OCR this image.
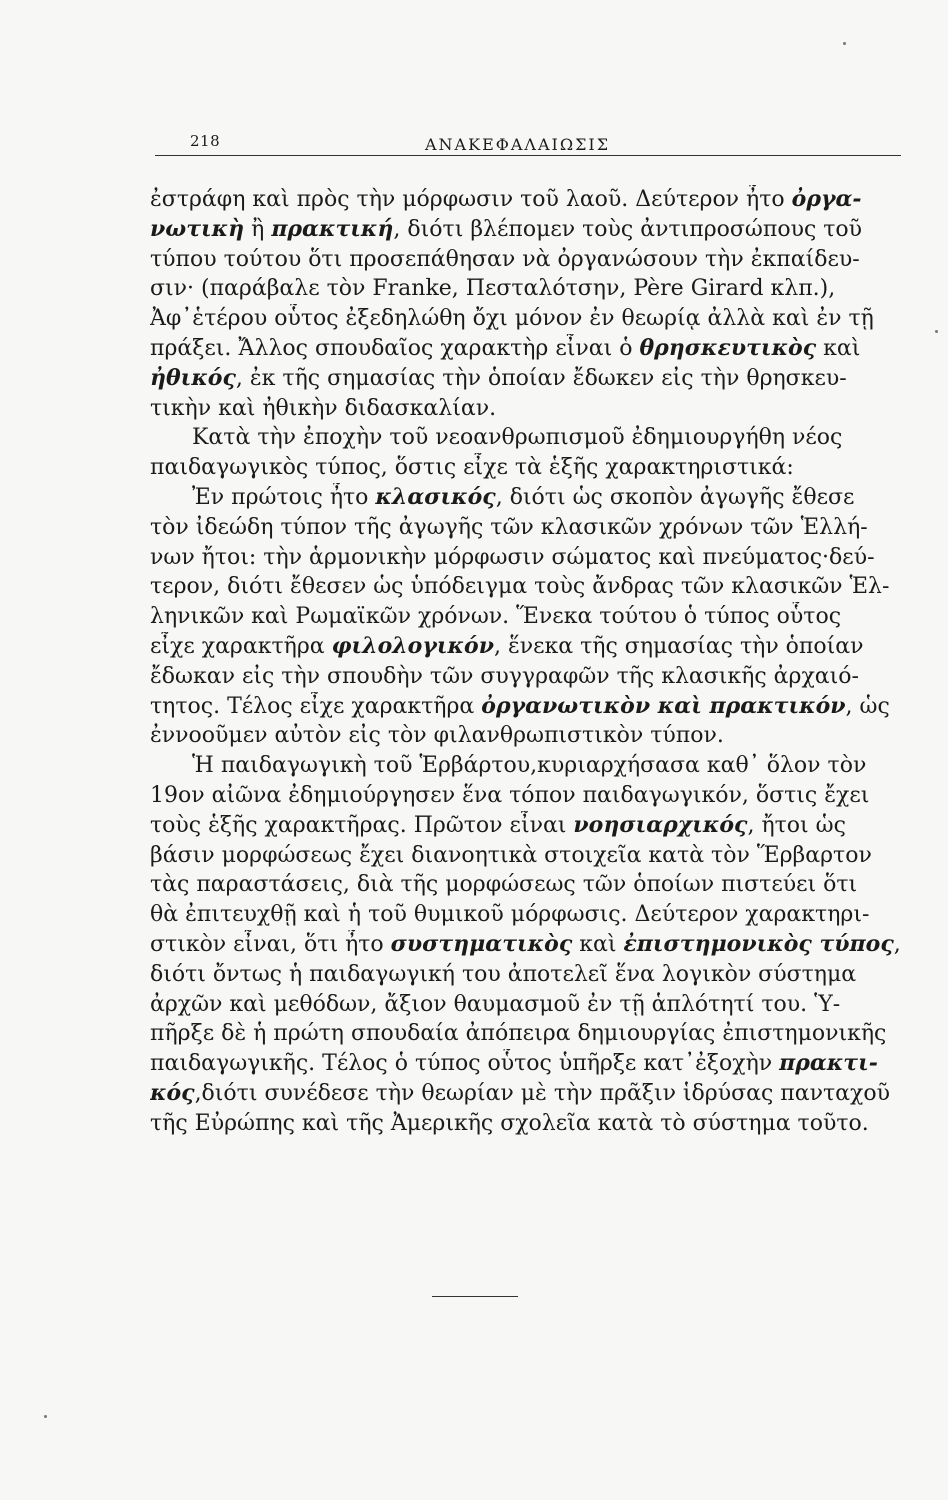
218	ΑΝΑΚΕΦΑΛΑΙΩΣΙΣ
ἐστράφη καὶ πρὸς τὴν μόρφωσιν τοῦ λαοῦ. Δεύτερον ἦτο ὀργα-
νωτικὴ ἢ πρακτική, διότι βλέπομεν τοὺς ἀντιπροσώπους τοῦ
τύπου τούτου ὅτι προσεπάθησαν νὰ ὀργανώσουν τὴν ἐκπαίδευ-
σιν· (παράβαλε τὸν Franke, Πεσταλότσην, Père Girard κλπ.),
Ἀφ᾽ἑτέρου οὗτος ἐξεδηλώθη ὄχι μόνον ἐν θεωρίᾳ ἀλλὰ καὶ ἐν τῇ
πράξει. Ἄλλος σπουδαῖος χαρακτὴρ εἶναι ὁ θρησκευτικὸς καὶ
ἠθικός, ἐκ τῆς σημασίας τὴν ὁποίαν ἔδωκεν εἰς τὴν θρησκευ-
τικὴν καὶ ἠθικὴν διδασκαλίαν.
Κατὰ τὴν ἐποχὴν τοῦ νεοανθρωπισμοῦ ἐδημιουργήθη νέος
παιδαγωγικὸς τύπος, ὅστις εἶχε τὰ ἑξῆς χαρακτηριστικά:
Ἐν πρώτοις ἦτο κλασικός, διότι ὡς σκοπὸν ἀγωγῆς ἔθεσε
τὸν ἰδεώδη τύπον τῆς ἀγωγῆς τῶν κλασικῶν χρόνων τῶν Ἑλλή-
νων ἤτοι: τὴν ἁρμονικὴν μόρφωσιν σώματος καὶ πνεύματος·δεύ-
τερον, διότι ἔθεσεν ὡς ὑπόδειγμα τοὺς ἄνδρας τῶν κλασικῶν Ἑλ-
ληνικῶν καὶ Ρωμαϊκῶν χρόνων. Ἕνεκα τούτου ὁ τύπος οὗτος
εἶχε χαρακτῆρα φιλολογικόν, ἕνεκα τῆς σημασίας τὴν ὁποίαν
ἔδωκαν εἰς τὴν σπουδὴν τῶν συγγραφῶν τῆς κλασικῆς ἀρχαιό-
τητος. Τέλος εἶχε χαρακτῆρα ὀργανωτικὸν καὶ πρακτικόν, ὡς
ἐννοοῦμεν αὐτὸν εἰς τὸν φιλανθρωπιστικὸν τύπον.
Ἡ παιδαγωγικὴ τοῦ Ἑρβάρτου,κυριαρχήσασα καθ᾽ ὅλον τὸν
19ον αἰῶνα ἐδημιούργησεν ἕνα τόπον παιδαγωγικόν, ὅστις ἔχει
τοὺς ἑξῆς χαρακτῆρας. Πρῶτον εἶναι νοησιαρχικός, ἤτοι ὡς
βάσιν μορφώσεως ἔχει διανοητικὰ στοιχεῖα κατὰ τὸν Ἕρβαρτον
τὰς παραστάσεις, διὰ τῆς μορφώσεως τῶν ὁποίων πιστεύει ὅτι
θὰ ἐπιτευχθῇ καὶ ἡ τοῦ θυμικοῦ μόρφωσις. Δεύτερον χαρακτηρι-
στικὸν εἶναι, ὅτι ἦτο συστηματικὸς καὶ ἐπιστημονικὸς τύπος,
διότι ὄντως ἡ παιδαγωγική του ἀποτελεῖ ἕνα λογικὸν σύστημα
ἀρχῶν καὶ μεθόδων, ἄξιον θαυμασμοῦ ἐν τῇ ἁπλότητί του. Ὑ-
πῆρξε δὲ ἡ πρώτη σπουδαία ἀπόπειρα δημιουργίας ἐπιστημονικῆς
παιδαγωγικῆς. Τέλος ὁ τύπος οὗτος ὑπῆρξε κατ᾽ἐξοχὴν πρακτι-
κός,διότι συνέδεσε τὴν θεωρίαν μὲ τὴν πρᾶξιν ἱδρύσας πανταχοῦ
τῆς Εὐρώπης καὶ τῆς Ἀμερικῆς σχολεῖα κατὰ τὸ σύστημα τοῦτο.
